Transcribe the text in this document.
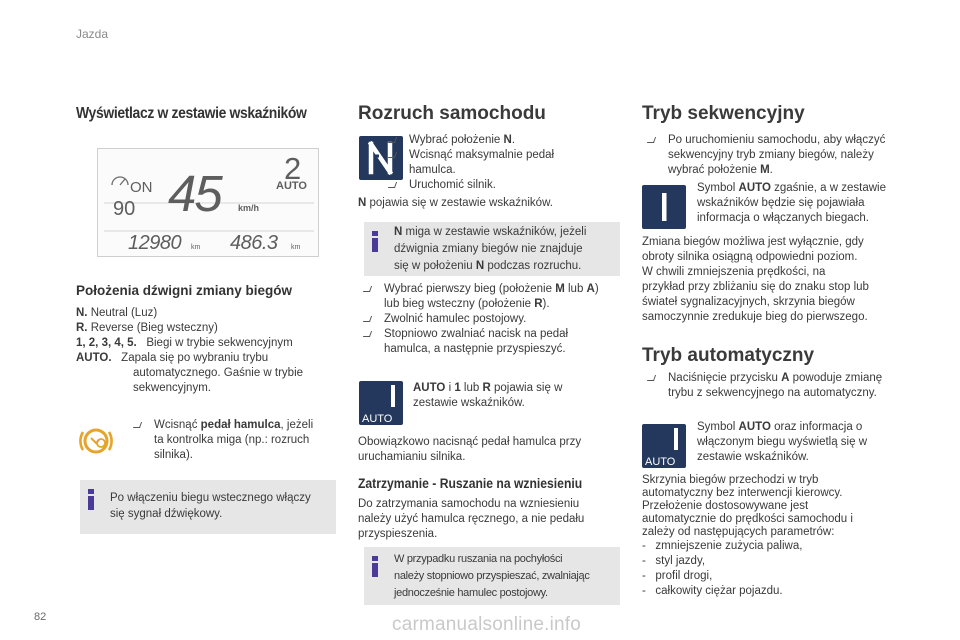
Jazda
82	carmanualsonline.info
Wyświetlacz w zestawie wskaźników
ON
90 45 km/h
2
AUTO
12980 km 486.3 km
Położenia dźwigni zmiany biegów
N. Neutral (Luz)
R. Reverse (Bieg wsteczny)
1, 2, 3, 4, 5. Biegi w trybie sekwencyjnym
AUTO. Zapala się po wybraniu trybu
automatycznego. Gaśnie w trybie
sekwencyjnym.
Wcisnąć pedał hamulca, jeżeli
ta kontrolka miga (np.: rozruch
silnika).
Po włączeniu biegu wstecznego włączy
się sygnał dźwiękowy.
Rozruch samochodu
Wybrać położenie N.
Wcisnąć maksymalnie pedał
hamulca.
Uruchomić silnik.
N pojawia się w zestawie wskaźników.
N miga w zestawie wskaźników, jeżeli
dźwignia zmiany biegów nie znajduje
się w położeniu N podczas rozruchu.
Wybrać pierwszy bieg (położenie M lub A)
lub bieg wsteczny (położenie R).
Zwolnić hamulec postojowy.
Stopniowo zwalniać nacisk na pedał
hamulca, a następnie przyspieszyć.
AUTO
AUTO i 1 lub R pojawia się w
zestawie wskaźników.
Obowiązkowo nacisnąć pedał hamulca przy
uruchamianiu silnika.
Zatrzymanie - Ruszanie na wzniesieniu
Do zatrzymania samochodu na wzniesieniu
należy użyć hamulca ręcznego, a nie pedału
przyspieszenia.
W przypadku ruszania na pochyłości
należy stopniowo przyspieszać, zwalniając
jednocześnie hamulec postojowy.
Tryb sekwencyjny
Po uruchomieniu samochodu, aby włączyć
sekwencyjny tryb zmiany biegów, należy
wybrać położenie M.
Symbol AUTO zgaśnie, a w zestawie
wskaźników będzie się pojawiała
informacja o włączanych biegach.
Zmiana biegów możliwa jest wyłącznie, gdy
obroty silnika osiągną odpowiedni poziom.
W chwili zmniejszenia prędkości, na
przykład przy zbliżaniu się do znaku stop lub
świateł sygnalizacyjnych, skrzynia biegów
samoczynnie zredukuje bieg do pierwszego.
Tryb automatyczny
Naciśnięcie przycisku A powoduje zmianę
trybu z sekwencyjnego na automatyczny.
AUTO
Symbol AUTO oraz informacja o
włączonym biegu wyświetlą się w
zestawie wskaźników.
Skrzynia biegów przechodzi w tryb
automatyczny bez interwencji kierowcy.
Przełożenie dostosowywane jest
automatycznie do prędkości samochodu i
zależy od następujących parametrów:
-   zmniejszenie zużycia paliwa,
-   styl jazdy,
-   profil drogi,
-   całkowity ciężar pojazdu.
